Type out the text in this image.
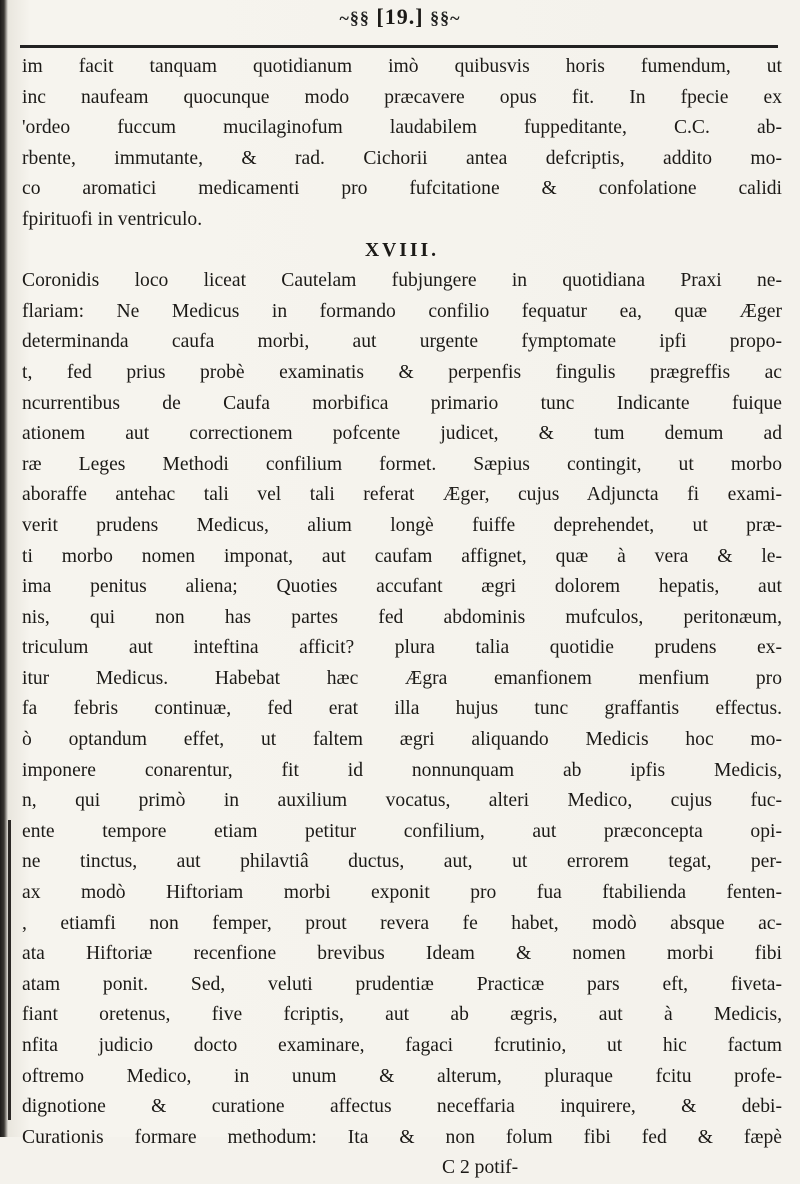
~§§ [19.] §§~
im facit tanquam quotidianum imò quibusvis horis fumendum, ut
inc naufeam quocunque modo præcavere opus fit. In fpecie ex
'ordeo fuccum mucilaginofum laudabilem fuppeditante, C.C. ab-
rbente, immutante, & rad. Cichorii antea defcriptis, addito mo-
co aromatici medicamenti pro fufcitatione & confolatione calidi
fpirituofi in ventriculo.
XVIII.
Coronidis loco liceat Cautelam fubjungere in quotidiana Praxi ne-
flariam: Ne Medicus in formando confilio fequatur ea, quæ Æger
determinanda caufa morbi, aut urgente fymptomate ipfi propo-
t, fed prius probè examinatis & perpenfis fingulis prægreffis ac
ncurrentibus de Caufa morbifica primario tunc Indicante fuique
ationem aut correctionem pofcente judicet, & tum demum ad
ræ Leges Methodi confilium formet. Sæpius contingit, ut morbo
aboraffe antehac tali vel tali referat Æger, cujus Adjuncta fi exami-
verit prudens Medicus, alium longè fuiffe deprehendet, ut præ-
ti morbo nomen imponat, aut caufam affignet, quæ à vera & le-
ima penitus aliena; Quoties accufant ægri dolorem hepatis, aut
nis, qui non has partes fed abdominis mufculos, peritonæum,
triculum aut inteftina afficit? plura talia quotidie prudens ex-
itur Medicus. Habebat hæc Ægra emanfionem menfium pro
fa febris continuæ, fed erat illa hujus tunc graffantis effectus.
ò optandum effet, ut faltem ægri aliquando Medicis hoc mo-
imponere conarentur, fit id nonnunquam ab ipfis Medicis,
n, qui primò in auxilium vocatus, alteri Medico, cujus fuc-
ente tempore etiam petitur confilium, aut præconcepta opi-
ne tinctus, aut philavtiâ ductus, aut, ut errorem tegat, per-
ax modò Hiftoriam morbi exponit pro fua ftabilienda fenten-
, etiamfi non femper, prout revera fe habet, modò absque ac-
ata Hiftoriæ recenfione brevibus Ideam & nomen morbi fibi
atam ponit. Sed, veluti prudentiæ Practicæ pars eft, fiveta-
fiant oretenus, five fcriptis, aut ab ægris, aut à Medicis,
nfita judicio docto examinare, fagaci fcrutinio, ut hic factum
oftremo Medico, in unum & alterum, pluraque fcitu profe-
dignotione & curatione affectus neceffaria inquirere, & debi-
Curationis formare methodum: Ita & non folum fibi fed & fæpè
C 2 potif-
